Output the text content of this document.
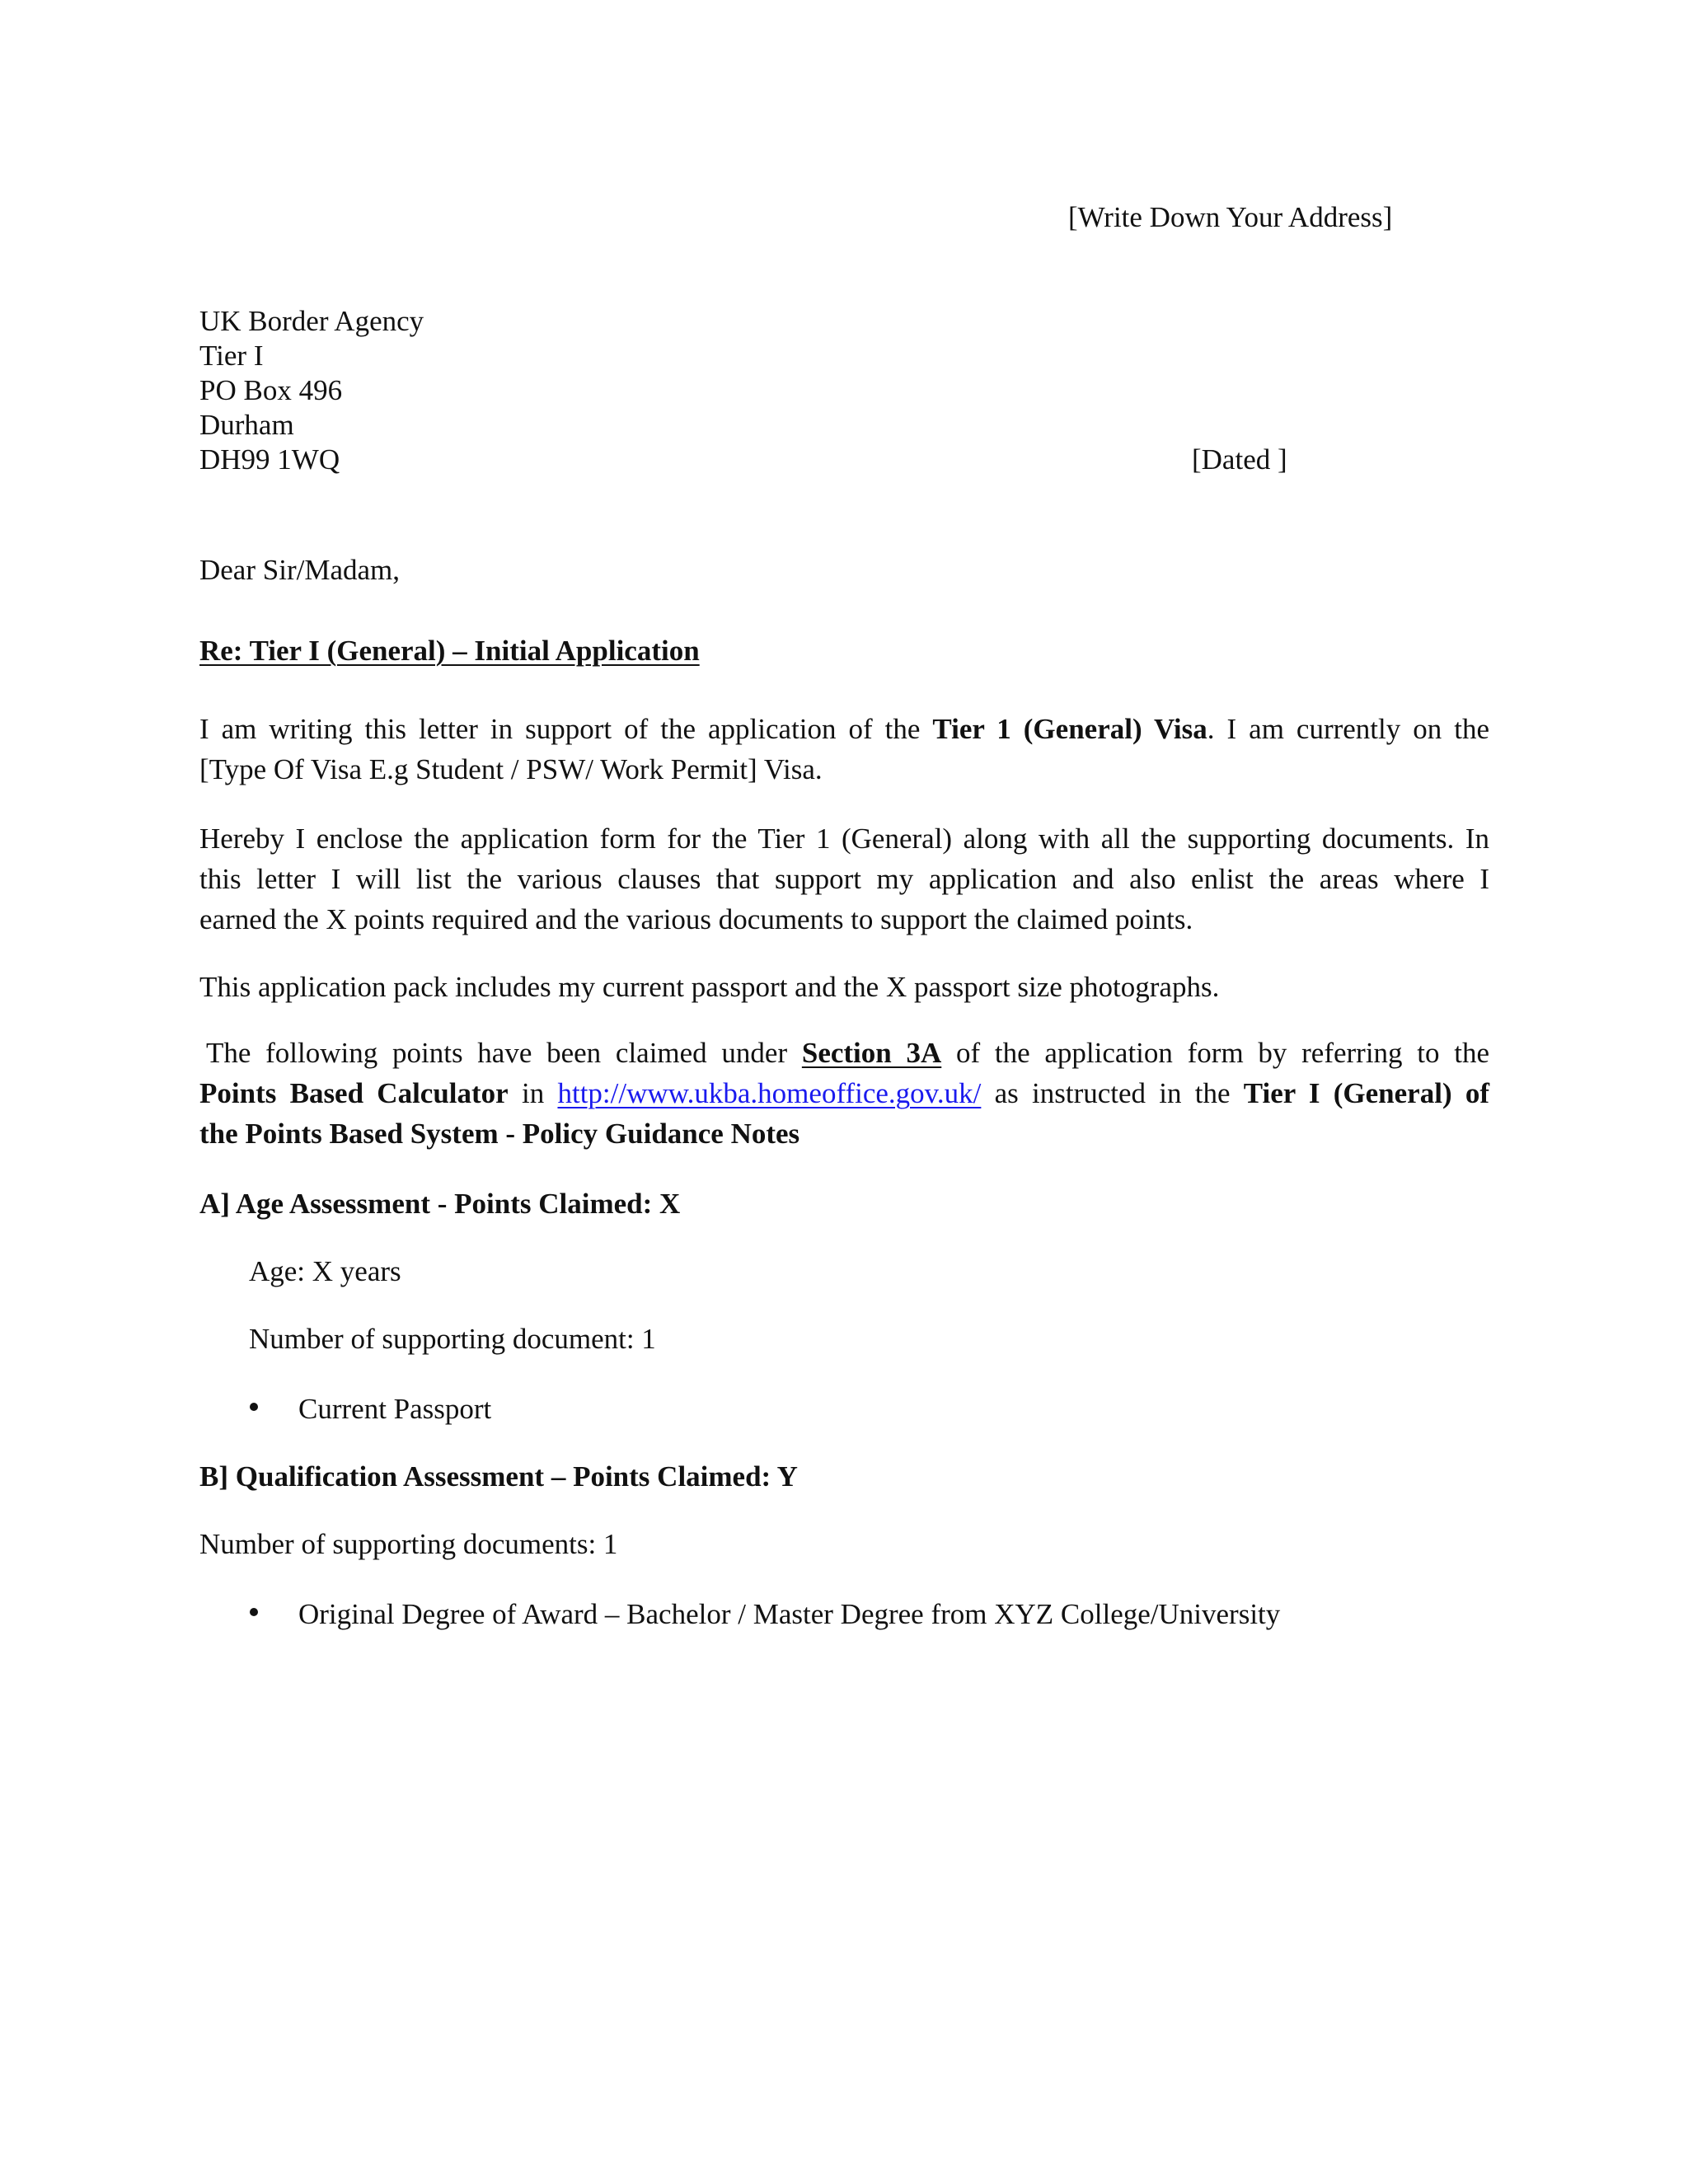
[Write Down Your Address]
UK Border Agency
Tier I
PO Box 496
Durham
DH99 1WQ	[Dated ]
Dear Sir/Madam,
Re: Tier I (General) – Initial Application
I am writing this letter in support of the application of the Tier 1 (General) Visa. I am currently on the
[Type Of Visa E.g Student / PSW/ Work Permit] Visa.
Hereby I enclose the application form for the Tier 1 (General) along with all the supporting documents. In
this letter I will list the various clauses that support my application and also enlist the areas where I
earned the X points required and the various documents to support the claimed points.
This application pack includes my current passport and the X passport size photographs.
The following points have been claimed under Section 3A of the application form by referring to the
Points Based Calculator in http://www.ukba.homeoffice.gov.uk/ as instructed in the Tier I (General) of
the Points Based System - Policy Guidance Notes
A] Age Assessment - Points Claimed: X
Age: X years
Number of supporting document: 1
Current Passport
B] Qualification Assessment – Points Claimed: Y
Number of supporting documents: 1
Original Degree of Award – Bachelor / Master Degree from XYZ College/University
